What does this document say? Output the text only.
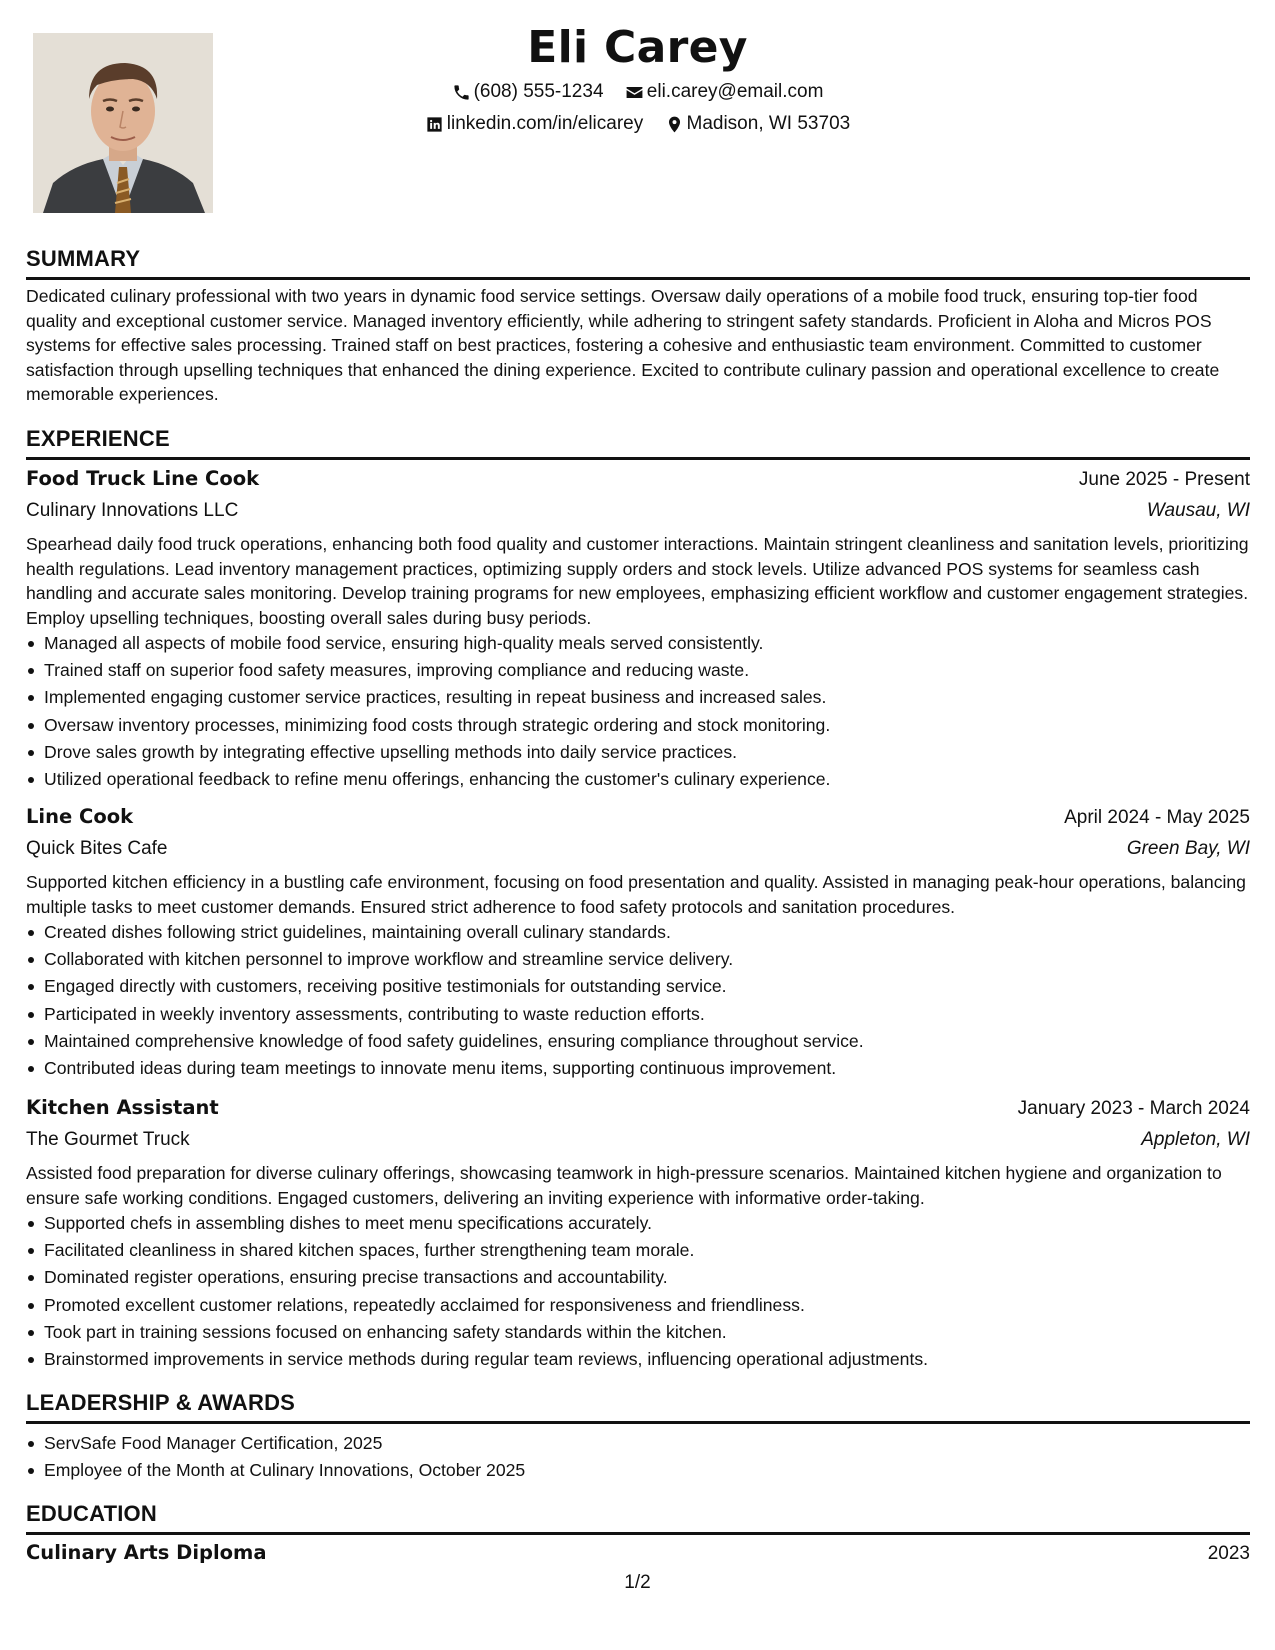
Eli Carey
(608) 555-1234
eli.carey@email.com
linkedin.com/in/elicarey
Madison, WI 53703
SUMMARY

Dedicated culinary professional with two years in dynamic food service settings. Oversaw daily operations of a mobile food truck, ensuring top-tier food quality and exceptional customer service. Managed inventory efficiently, while adhering to stringent safety standards. Proficient in Aloha and Micros POS systems for effective sales processing. Trained staff on best practices, fostering a cohesive and enthusiastic team environment. Committed to customer satisfaction through upselling techniques that enhanced the dining experience. Excited to contribute culinary passion and operational excellence to create memorable experiences.

EXPERIENCE
Food Truck Line Cook	June 2025 - Present
Culinary Innovations LLC	Wausau, WI

Spearhead daily food truck operations, enhancing both food quality and customer interactions. Maintain stringent cleanliness and sanitation levels, prioritizing health regulations. Lead inventory management practices, optimizing supply orders and stock levels. Utilize advanced POS systems for seamless cash handling and accurate sales monitoring. Develop training programs for new employees, emphasizing efficient workflow and customer engagement strategies. Employ upselling techniques, boosting overall sales during busy periods.

Managed all aspects of mobile food service, ensuring high-quality meals served consistently.
Trained staff on superior food safety measures, improving compliance and reducing waste.
Implemented engaging customer service practices, resulting in repeat business and increased sales.
Oversaw inventory processes, minimizing food costs through strategic ordering and stock monitoring.
Drove sales growth by integrating effective upselling methods into daily service practices.
Utilized operational feedback to refine menu offerings, enhancing the customer's culinary experience.
Line Cook	April 2024 - May 2025
Quick Bites Cafe	Green Bay, WI

Supported kitchen efficiency in a bustling cafe environment, focusing on food presentation and quality. Assisted in managing peak-hour operations, balancing multiple tasks to meet customer demands. Ensured strict adherence to food safety protocols and sanitation procedures.

Created dishes following strict guidelines, maintaining overall culinary standards.
Collaborated with kitchen personnel to improve workflow and streamline service delivery.
Engaged directly with customers, receiving positive testimonials for outstanding service.
Participated in weekly inventory assessments, contributing to waste reduction efforts.
Maintained comprehensive knowledge of food safety guidelines, ensuring compliance throughout service.
Contributed ideas during team meetings to innovate menu items, supporting continuous improvement.
Kitchen Assistant	January 2023 - March 2024
The Gourmet Truck	Appleton, WI

Assisted food preparation for diverse culinary offerings, showcasing teamwork in high-pressure scenarios. Maintained kitchen hygiene and organization to ensure safe working conditions. Engaged customers, delivering an inviting experience with informative order-taking.

Supported chefs in assembling dishes to meet menu specifications accurately.
Facilitated cleanliness in shared kitchen spaces, further strengthening team morale.
Dominated register operations, ensuring precise transactions and accountability.
Promoted excellent customer relations, repeatedly acclaimed for responsiveness and friendliness.
Took part in training sessions focused on enhancing safety standards within the kitchen.
Brainstormed improvements in service methods during regular team reviews, influencing operational adjustments.
LEADERSHIP & AWARDS
ServSafe Food Manager Certification, 2025
Employee of the Month at Culinary Innovations, October 2025
EDUCATION
Culinary Arts Diploma	2023
1/2
